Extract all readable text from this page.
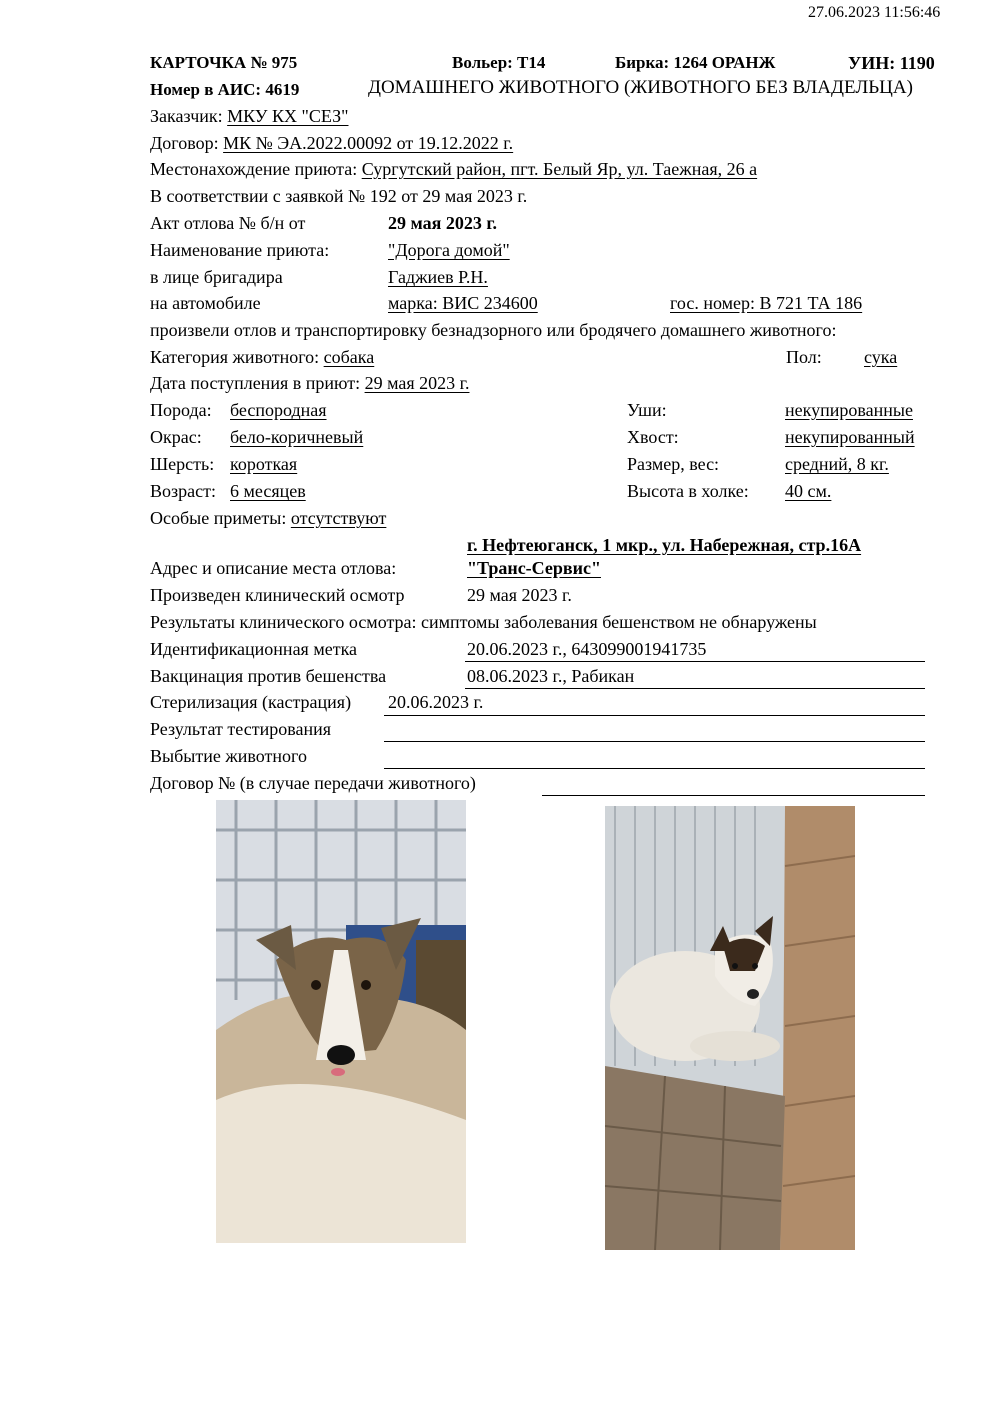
27.06.2023 11:56:46
КАРТОЧКА № 975	Вольер: Т14	Бирка: 1264 ОРАНЖ	УИН: 1190
Номер в АИС: 4619	ДОМАШНЕГО ЖИВОТНОГО (ЖИВОТНОГО БЕЗ ВЛАДЕЛЬЦА)
Заказчик: МКУ КХ "СЕЗ"
Договор: МК № ЭА.2022.00092 от 19.12.2022 г.
Местонахождение приюта: Сургутский район, пгт. Белый Яр, ул. Таежная, 26 а
В соответствии с заявкой № 192 от 29 мая 2023 г.
Акт отлова № б/н от	29 мая 2023 г.
Наименование приюта:	"Дорога домой"
в лице бригадира	Гаджиев Р.Н.
на автомобиле	марка: ВИС 234600	гос. номер: В 721 ТА 186
произвели отлов и транспортировку безнадзорного или бродячего домашнего животного:
Категория животного: собака	Пол: сука
Дата поступления в приют: 29 мая 2023 г.
Порода: беспородная	Уши:	некупированные
Окрас: бело-коричневый	Хвост:	некупированный
Шерсть: короткая	Размер, вес:	средний, 8 кг.
Возраст: 6 месяцев	Высота в холке: 40 см.
Особые приметы: отсутствуют
г. Нефтеюганск, 1 мкр., ул. Набережная, стр.16А
Адрес и описание места отлова:	"Транс-Сервис"
Произведен клинический осмотр	29 мая 2023 г.
Результаты клинического осмотра: симптомы заболевания бешенством не обнаружены
Идентификационная метка	20.06.2023 г., 643099001941735
Вакцинация против бешенства	08.06.2023 г., Рабикан
Стерилизация (кастрация) 20.06.2023 г.
Результат тестирования
Выбытие животного
Договор № (в случае передачи животного)
